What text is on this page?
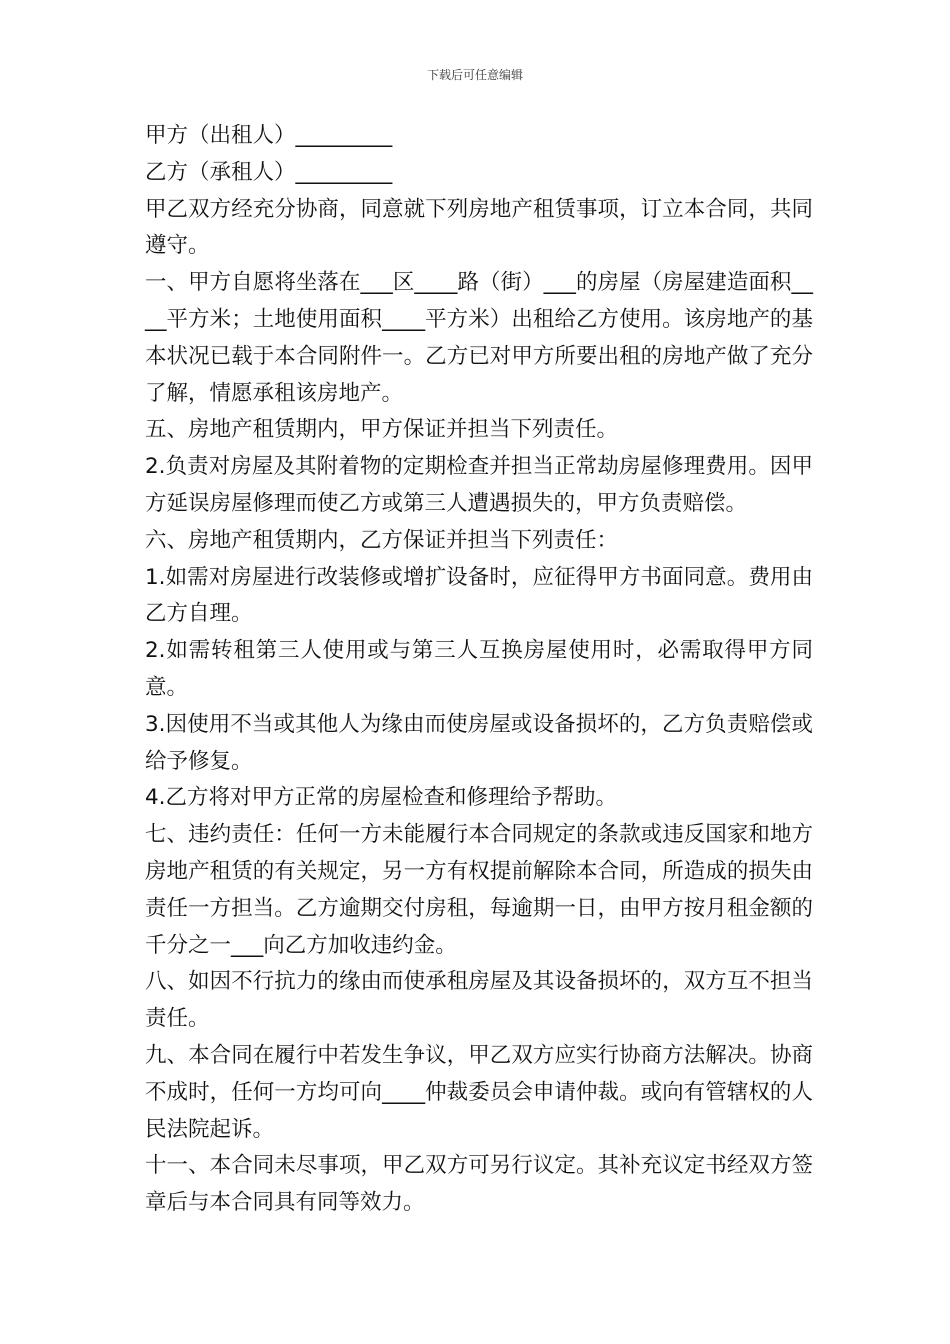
下载后可任意编辑

甲方（出租人）_________

乙方（承租人）_________

甲乙双方经充分协商，同意就下列房地产租赁事项，订立本合同，共同遵守。

一、甲方自愿将坐落在___区____路（街）___的房屋（房屋建造面积____平方米；土地使用面积____平方米）出租给乙方使用。该房地产的基本状况已载于本合同附件一。乙方已对甲方所要出租的房地产做了充分了解，情愿承租该房地产。

五、房地产租赁期内，甲方保证并担当下列责任。

2.负责对房屋及其附着物的定期检查并担当正常劫房屋修理费用。因甲方延误房屋修理而使乙方或第三人遭遇损失的，甲方负责赔偿。

六、房地产租赁期内，乙方保证并担当下列责任：

1.如需对房屋进行改装修或增扩设备时，应征得甲方书面同意。费用由乙方自理。

2.如需转租第三人使用或与第三人互换房屋使用时，必需取得甲方同意。

3.因使用不当或其他人为缘由而使房屋或设备损坏的，乙方负责赔偿或给予修复。

4.乙方将对甲方正常的房屋检查和修理给予帮助。

七、违约责任：任何一方未能履行本合同规定的条款或违反国家和地方房地产租赁的有关规定，另一方有权提前解除本合同，所造成的损失由责任一方担当。乙方逾期交付房租，每逾期一日，由甲方按月租金额的千分之一___向乙方加收违约金。

八、如因不行抗力的缘由而使承租房屋及其设备损坏的，双方互不担当责任。

九、本合同在履行中若发生争议，甲乙双方应实行协商方法解决。协商不成时，任何一方均可向____仲裁委员会申请仲裁。或向有管辖权的人民法院起诉。

十一、本合同未尽事项，甲乙双方可另行议定。其补充议定书经双方签章后与本合同具有同等效力。
